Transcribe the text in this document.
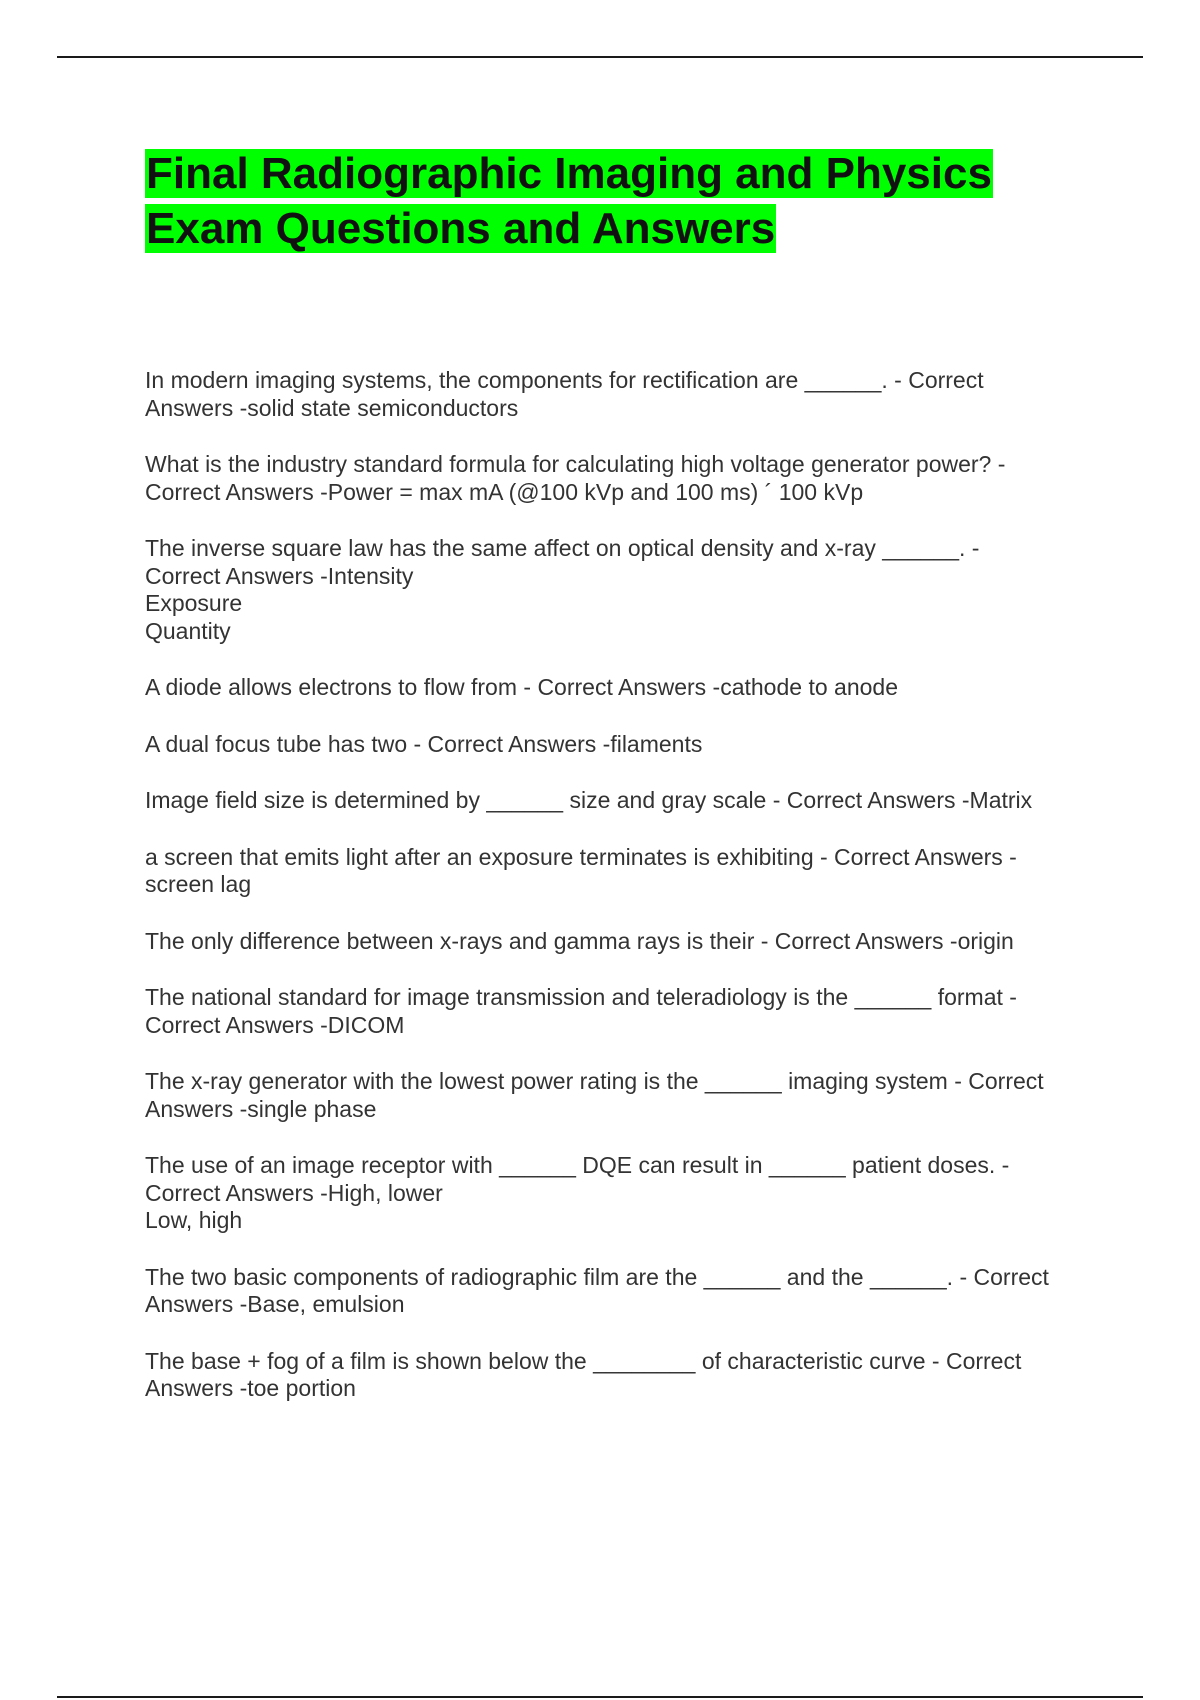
Final Radiographic Imaging and Physics
Exam Questions and Answers
In modern imaging systems, the components for rectification are ______. - Correct
Answers -solid state semiconductors
What is the industry standard formula for calculating high voltage generator power? -
Correct Answers -Power = max mA (@100 kVp and 100 ms) ´ 100 kVp
The inverse square law has the same affect on optical density and x-ray ______. -
Correct Answers -Intensity
Exposure
Quantity
A diode allows electrons to flow from - Correct Answers -cathode to anode
A dual focus tube has two - Correct Answers -filaments
Image field size is determined by ______ size and gray scale - Correct Answers -Matrix
a screen that emits light after an exposure terminates is exhibiting - Correct Answers -
screen lag
The only difference between x-rays and gamma rays is their - Correct Answers -origin
The national standard for image transmission and teleradiology is the ______ format -
Correct Answers -DICOM
The x-ray generator with the lowest power rating is the ______ imaging system - Correct
Answers -single phase
The use of an image receptor with ______ DQE can result in ______ patient doses. -
Correct Answers -High, lower
Low, high
The two basic components of radiographic film are the ______ and the ______. - Correct
Answers -Base, emulsion
The base + fog of a film is shown below the ________ of characteristic curve - Correct
Answers -toe portion
